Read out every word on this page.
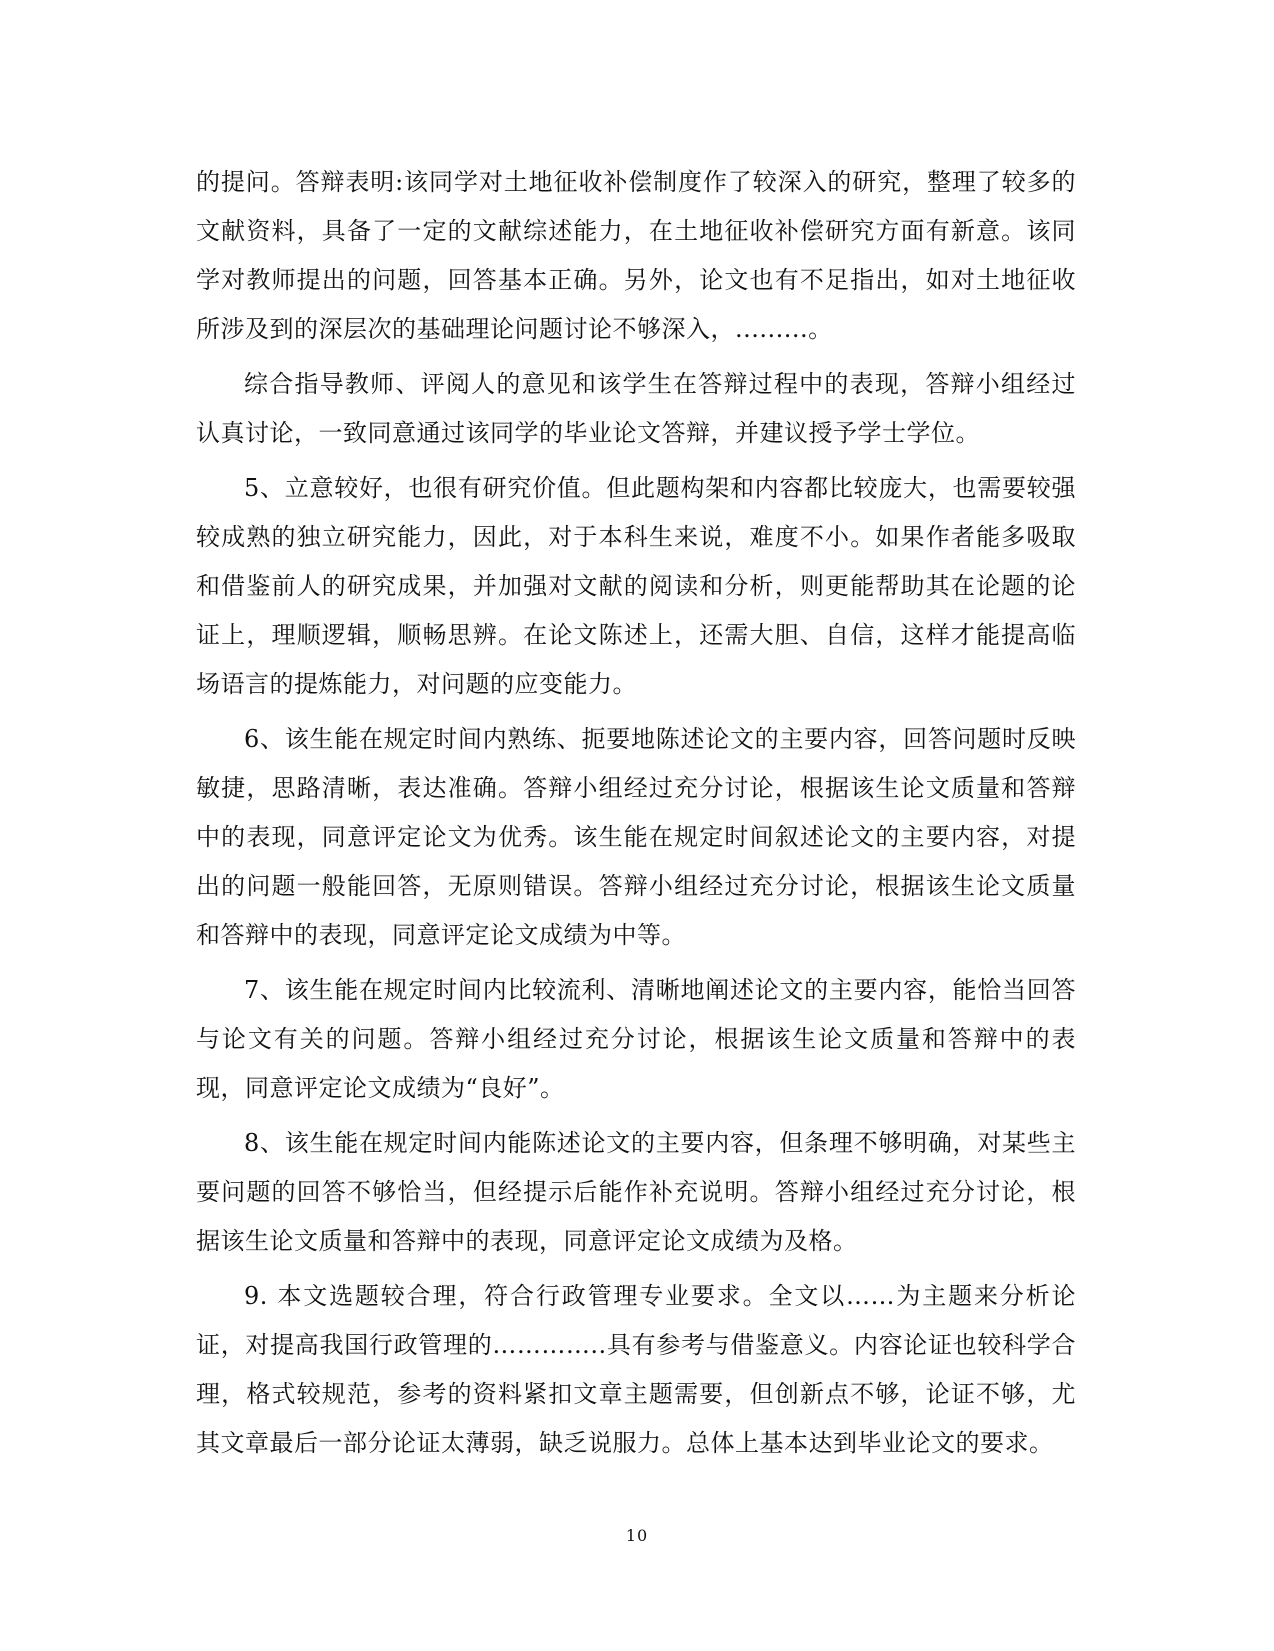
的提问。答辩表明:该同学对土地征收补偿制度作了较深入的研究，整理了较多的文献资料，具备了一定的文献综述能力，在土地征收补偿研究方面有新意。该同学对教师提出的问题，回答基本正确。另外，论文也有不足指出，如对土地征收所涉及到的深层次的基础理论问题讨论不够深入，.........。

综合指导教师、评阅人的意见和该学生在答辩过程中的表现，答辩小组经过认真讨论，一致同意通过该同学的毕业论文答辩，并建议授予学士学位。

5、立意较好，也很有研究价值。但此题构架和内容都比较庞大，也需要较强较成熟的独立研究能力，因此，对于本科生来说，难度不小。如果作者能多吸取和借鉴前人的研究成果，并加强对文献的阅读和分析，则更能帮助其在论题的论证上，理顺逻辑，顺畅思辨。在论文陈述上，还需大胆、自信，这样才能提高临场语言的提炼能力，对问题的应变能力。

6、该生能在规定时间内熟练、扼要地陈述论文的主要内容，回答问题时反映敏捷，思路清晰，表达准确。答辩小组经过充分讨论，根据该生论文质量和答辩中的表现，同意评定论文为优秀。该生能在规定时间叙述论文的主要内容，对提出的问题一般能回答，无原则错误。答辩小组经过充分讨论，根据该生论文质量和答辩中的表现，同意评定论文成绩为中等。

7、该生能在规定时间内比较流利、清晰地阐述论文的主要内容，能恰当回答与论文有关的问题。答辩小组经过充分讨论，根据该生论文质量和答辩中的表现，同意评定论文成绩为“良好”。

8、该生能在规定时间内能陈述论文的主要内容，但条理不够明确，对某些主要问题的回答不够恰当，但经提示后能作补充说明。答辩小组经过充分讨论，根据该生论文质量和答辩中的表现，同意评定论文成绩为及格。

9. 本文选题较合理，符合行政管理专业要求。全文以……为主题来分析论证，对提高我国行政管理的…………..具有参考与借鉴意义。内容论证也较科学合理，格式较规范，参考的资料紧扣文章主题需要，但创新点不够，论证不够，尤其文章最后一部分论证太薄弱，缺乏说服力。总体上基本达到毕业论文的要求。

10
